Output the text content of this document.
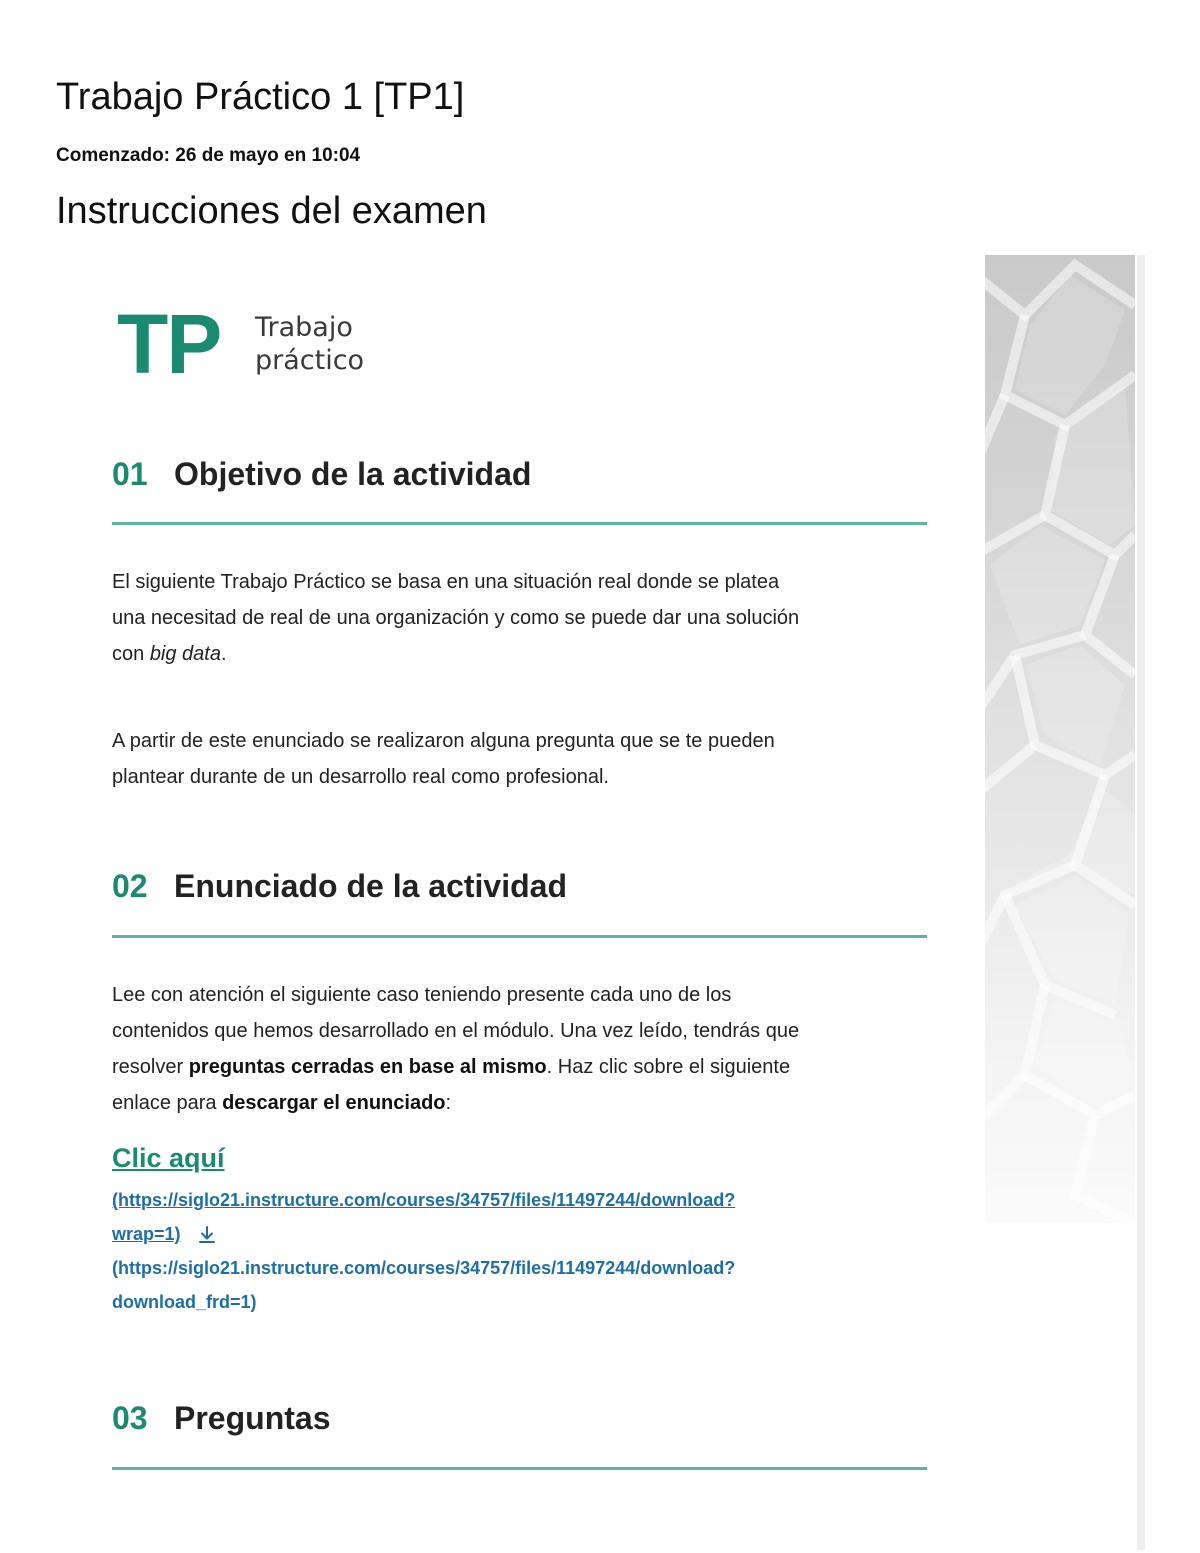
Trabajo Práctico 1 [TP1]
Comenzado: 26 de mayo en 10:04
Instrucciones del examen
TP Trabajo
práctico
01 Objetivo de la actividad

El siguiente Trabajo Práctico se basa en una situación real donde se platea
una necesitad de real de una organización y como se puede dar una solución
con big data.

A partir de este enunciado se realizaron alguna pregunta que se te pueden
plantear durante de un desarrollo real como profesional.

02 Enunciado de la actividad

Lee con atención el siguiente caso teniendo presente cada uno de los
contenidos que hemos desarrollado en el módulo. Una vez leído, tendrás que
resolver preguntas cerradas en base al mismo. Haz clic sobre el siguiente
enlace para descargar el enunciado:

Clic aquí
(https://siglo21.instructure.com/courses/34757/files/11497244/download?
wrap=1)
(https://siglo21.instructure.com/courses/34757/files/11497244/download?
download_frd=1)
03 Preguntas
